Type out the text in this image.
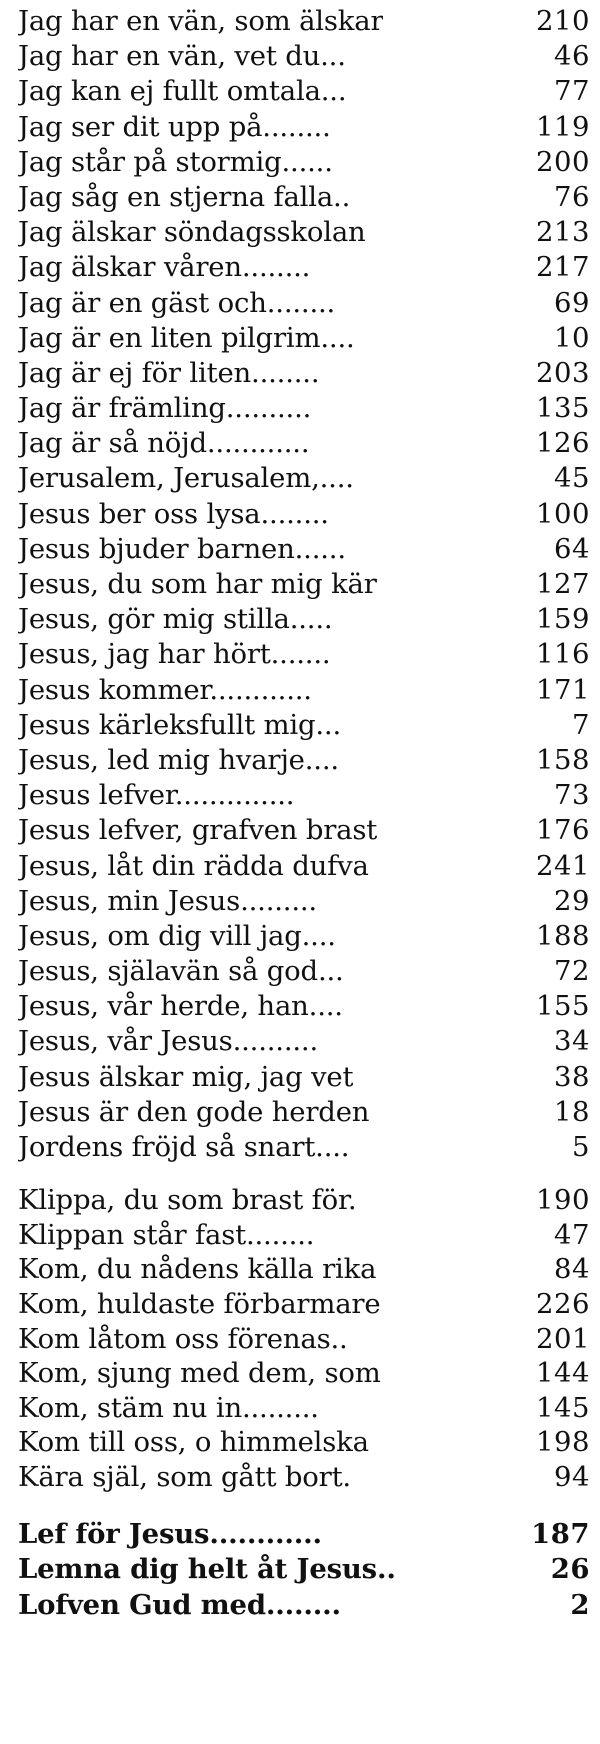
Jag har en vän, som älskar	210
Jag har en vän, vet du...	46
Jag kan ej fullt omtala...	77
Jag ser dit upp på........	119
Jag står på stormig......	200
Jag såg en stjerna falla..	76
Jag älskar söndagsskolan	213
Jag älskar våren........	217
Jag är en gäst och........	69
Jag är en liten pilgrim....	10
Jag är ej för liten........	203
Jag är främling..........	135
Jag är så nöjd............	126
Jerusalem, Jerusalem,....	45
Jesus ber oss lysa........	100
Jesus bjuder barnen......	64
Jesus, du som har mig kär	127
Jesus, gör mig stilla.....	159
Jesus, jag har hört.......	116
Jesus kommer............	171
Jesus kärleksfullt mig...	7
Jesus, led mig hvarje....	158
Jesus lefver..............	73
Jesus lefver, grafven brast	176
Jesus, låt din rädda dufva	241
Jesus, min Jesus.........	29
Jesus, om dig vill jag....	188
Jesus, själavän så god...	72
Jesus, vår herde, han....	155
Jesus, vår Jesus..........	34
Jesus älskar mig, jag vet	38
Jesus är den gode herden	18
Jordens fröjd så snart....	5
Klippa, du som brast för.	190
Klippan står fast........	47
Kom, du nådens källa rika	84
Kom, huldaste förbarmare	226
Kom låtom oss förenas..	201
Kom, sjung med dem, som	144
Kom, stäm nu in.........	145
Kom till oss, o himmelska	198
Kära själ, som gått bort.	94
Lef för Jesus............	187
Lemna dig helt åt Jesus..	26
Lofven Gud med........	2
